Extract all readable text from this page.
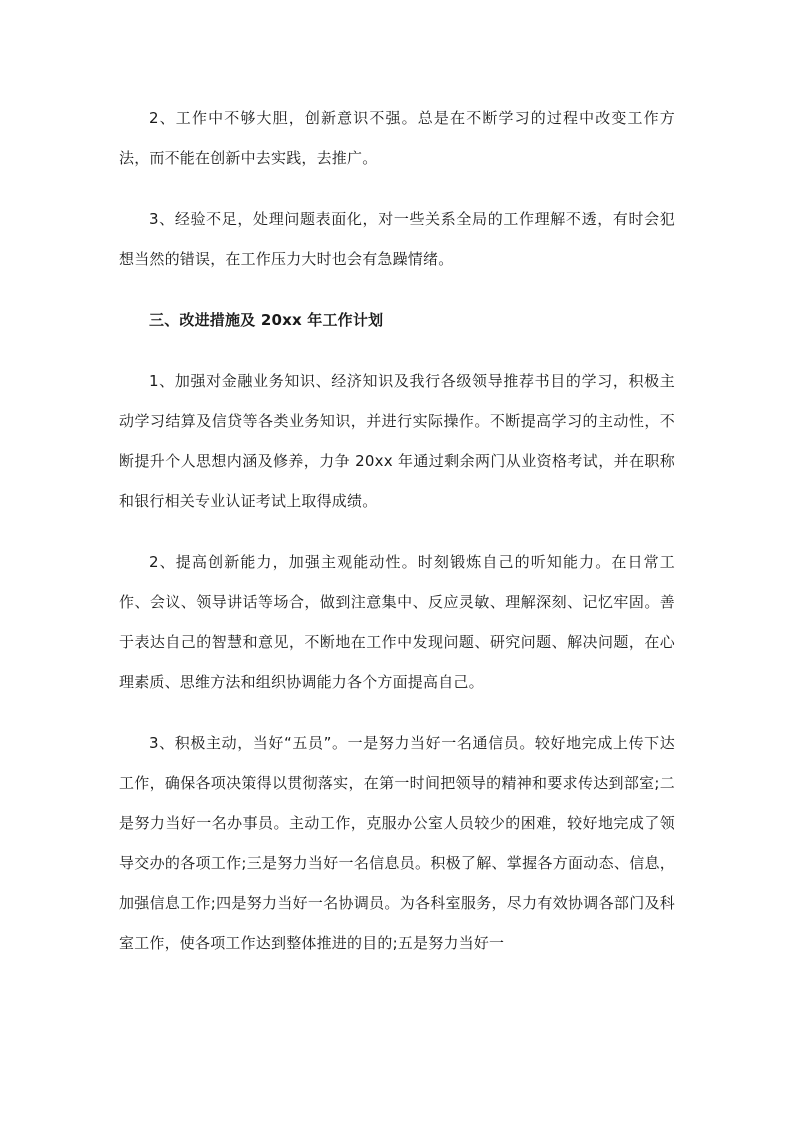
2、工作中不够大胆，创新意识不强。总是在不断学习的过程中改变工作方法，而不能在创新中去实践，去推广。

3、经验不足，处理问题表面化，对一些关系全局的工作理解不透，有时会犯想当然的错误，在工作压力大时也会有急躁情绪。

三、改进措施及 20xx 年工作计划

1、加强对金融业务知识、经济知识及我行各级领导推荐书目的学习，积极主动学习结算及信贷等各类业务知识，并进行实际操作。不断提高学习的主动性，不断提升个人思想内涵及修养，力争 20xx 年通过剩余两门从业资格考试，并在职称和银行相关专业认证考试上取得成绩。

2、提高创新能力，加强主观能动性。时刻锻炼自己的听知能力。在日常工作、会议、领导讲话等场合，做到注意集中、反应灵敏、理解深刻、记忆牢固。善于表达自己的智慧和意见，不断地在工作中发现问题、研究问题、解决问题，在心理素质、思维方法和组织协调能力各个方面提高自己。

3、积极主动，当好“五员”。一是努力当好一名通信员。较好地完成上传下达工作，确保各项决策得以贯彻落实，在第一时间把领导的精神和要求传达到部室;二是努力当好一名办事员。主动工作，克服办公室人员较少的困难，较好地完成了领导交办的各项工作;三是努力当好一名信息员。积极了解、掌握各方面动态、信息，加强信息工作;四是努力当好一名协调员。为各科室服务，尽力有效协调各部门及科室工作，使各项工作达到整体推进的目的;五是努力当好一
